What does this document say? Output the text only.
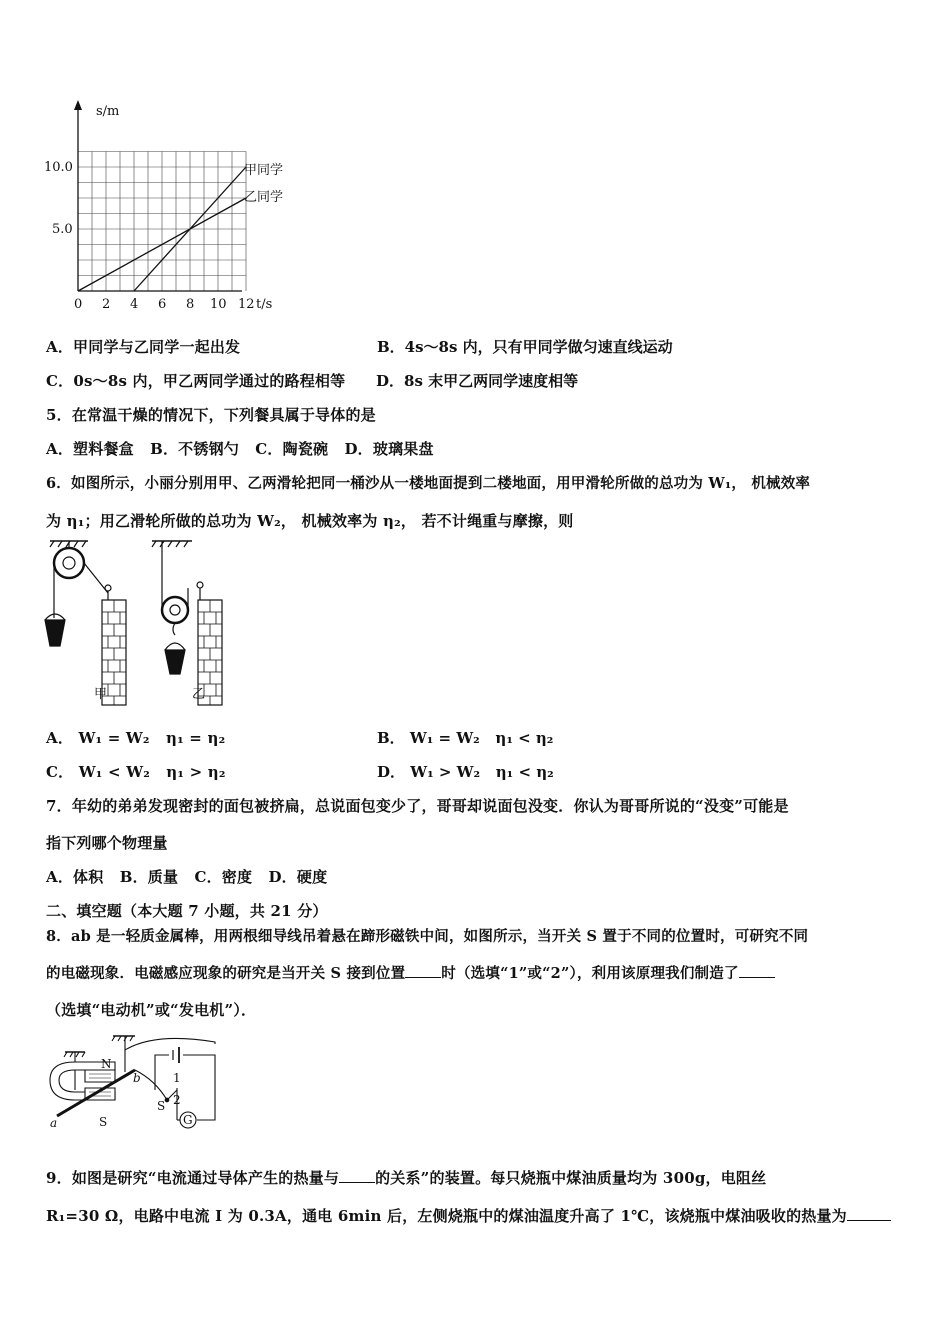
s/m
10.0
5.0
0 2 4 6 8 10 12 t/s
甲同学
乙同学
A．甲同学与乙同学一起出发	B．4s～8s 内，只有甲同学做匀速直线运动
C．0s～8s 内，甲乙两同学通过的路程相等 D．8s 末甲乙两同学速度相等
5．在常温干燥的情况下，下列餐具属于导体的是
A．塑料餐盒   B．不锈钢勺   C．陶瓷碗   D．玻璃果盘
6．如图所示，小丽分别用甲、乙两滑轮把同一桶沙从一楼地面提到二楼地面，用甲滑轮所做的总功为 W₁， 机械效率
为 η₁；用乙滑轮所做的总功为 W₂， 机械效率为 η₂， 若不计绳重与摩擦，则
甲	乙
A． W₁ = W₂   η₁ = η₂	B． W₁ = W₂   η₁ < η₂
C． W₁ < W₂   η₁ > η₂	D． W₁ > W₂   η₁ < η₂
7．年幼的弟弟发现密封的面包被挤扁，总说面包变少了，哥哥却说面包没变．你认为哥哥所说的“没变”可能是
指下列哪个物理量
A．体积   B．质量   C．密度   D．硬度
二、填空题（本大题 7 小题，共 21 分）
8．ab 是一轻质金属棒，用两根细导线吊着悬在蹄形磁铁中间，如图所示，当开关 S 置于不同的位置时，可研究不同
的电磁现象．电磁感应现象的研究是当开关 S 接到位置 时（选填“1”或“2”），利用该原理我们制造了
（选填“电动机”或“发电机”）．
N
S
a
b
S
1
2
G
9．如图是研究“电流通过导体产生的热量与 的关系”的装置。每只烧瓶中煤油质量均为 300g，电阻丝
R₁=30 Ω，电路中电流 I 为 0.3A，通电 6min 后，左侧烧瓶中的煤油温度升高了 1℃，该烧瓶中煤油吸收的热量为
